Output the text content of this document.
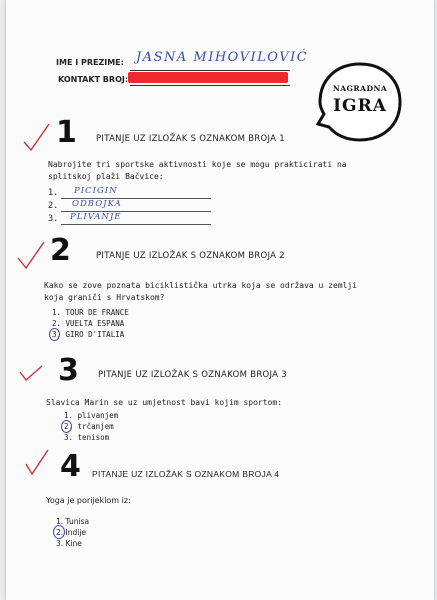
IME I PREZIME: JASNA MIHOVILOVIĆ
KONTAKT BROJ:
NAGRADNA
IGRA
1 PITANJE UZ IZLOŽAK S OZNAKOM BROJA 1
Nabrojite tri sportske aktivnosti koje se mogu prakticirati na
splitskoj plaži Bačvice:
1. PICIGIN
2. ODBOJKA
3. PLIVANJE
2	PITANJE UZ IZLOŽAK S OZNAKOM BROJA 2
Kako se zove poznata biciklistička utrka koja se održava u zemlji
koja graniči s Hrvatskom?
1. TOUR DE FRANCE
2. VUELTA ESPANA
3. GIRO D'ITALIA
3 PITANJE UZ IZLOŽAK S OZNAKOM BROJA 3
Slavica Marin se uz umjetnost bavi kojim sportom:
1. plivanjem
2. trčanjem
3. tenisom
4 PITANJE UZ IZLOŽAK S OZNAKOM BROJA 4
Yoga je porijeklom iz:
1. Tunisa
2. Indije
3. Kine
